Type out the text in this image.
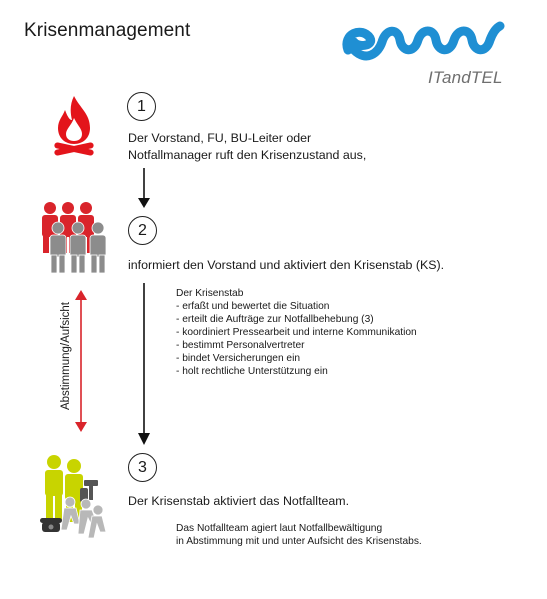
Krisenmanagement
ITandTEL
1
Der Vorstand, FU, BU-Leiter oder
Notfallmanager ruft den Krisenzustand aus,
2
informiert den Vorstand und aktiviert den Krisenstab (KS).
Der Krisenstab
- erfaßt und bewertet die Situation
- erteilt die Aufträge zur Notfallbehebung (3)
- koordiniert Pressearbeit und interne Kommunikation
- bestimmt Personalvertreter
- bindet Versicherungen ein
- holt rechtliche Unterstützung ein
Abstimmung/Aufsicht
3
Der Krisenstab aktiviert das Notfallteam.
Das Notfallteam agiert laut Notfallbewältigung
in Abstimmung mit und unter Aufsicht des Krisenstabs.
